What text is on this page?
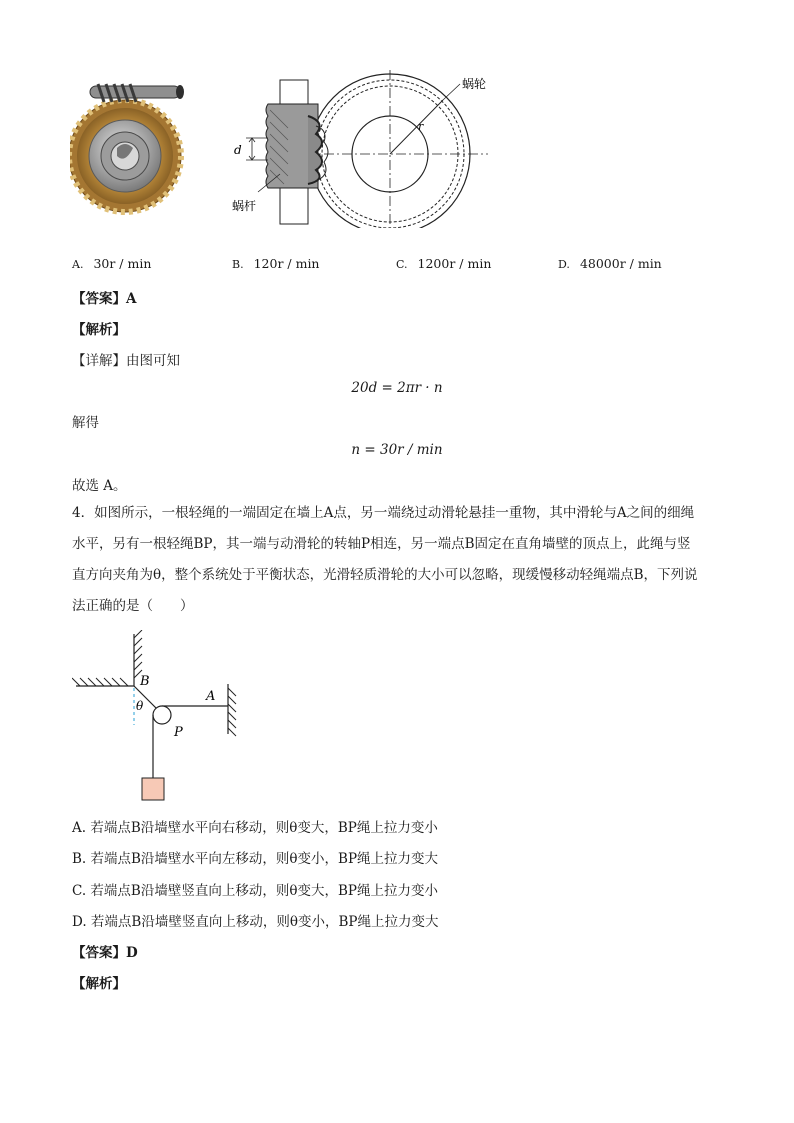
d
r
蜗轮
蜗杆
A. 30r / min	B. 120r / min	C. 1200r / min	D. 48000r / min
【答案】A
【解析】
【详解】由图可知
20d = 2πr · n
解得
n = 30r / min
故选 A。
4．如图所示，一根轻绳的一端固定在墙上A点，另一端绕过动滑轮悬挂一重物，其中滑轮与A之间的细绳
水平，另有一根轻绳BP，其一端与动滑轮的转轴P相连，另一端点B固定在直角墙壁的顶点上，此绳与竖
直方向夹角为θ，整个系统处于平衡状态，光滑轻质滑轮的大小可以忽略，现缓慢移动轻绳端点B，下列说
法正确的是（　　）
B
A
θ
P
A. 若端点B沿墙壁水平向右移动，则θ变大，BP绳上拉力变小
B. 若端点B沿墙壁水平向左移动，则θ变小，BP绳上拉力变大
C. 若端点B沿墙壁竖直向上移动，则θ变大，BP绳上拉力变小
D. 若端点B沿墙壁竖直向上移动，则θ变小，BP绳上拉力变大
【答案】D
【解析】
